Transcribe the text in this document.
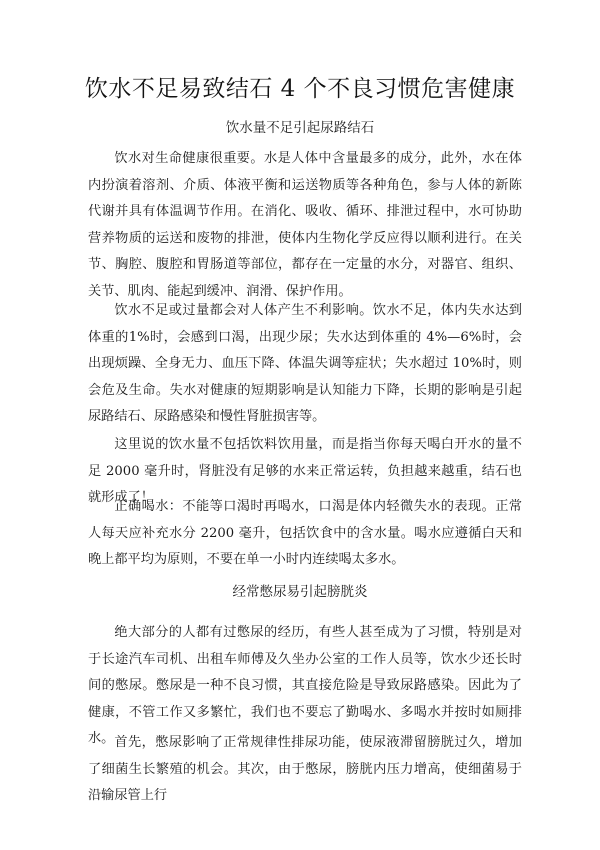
饮水不足易致结石 4 个不良习惯危害健康
饮水量不足引起尿路结石

饮水对生命健康很重要。水是人体中含量最多的成分，此外，水在体内扮演着溶剂、介质、体液平衡和运送物质等各种角色，参与人体的新陈代谢并具有体温调节作用。在消化、吸收、循环、排泄过程中，水可协助营养物质的运送和废物的排泄，使体内生物化学反应得以顺利进行。在关节、胸腔、腹腔和胃肠道等部位，都存在一定量的水分，对器官、组织、关节、肌肉、能起到缓冲、润滑、保护作用。

饮水不足或过量都会对人体产生不利影响。饮水不足，体内失水达到体重的1%时，会感到口渴，出现少尿；失水达到体重的 4%—6%时，会出现烦躁、全身无力、血压下降、体温失调等症状；失水超过 10%时，则会危及生命。失水对健康的短期影响是认知能力下降，长期的影响是引起尿路结石、尿路感染和慢性肾脏损害等。

这里说的饮水量不包括饮料饮用量，而是指当你每天喝白开水的量不足 2000 毫升时，肾脏没有足够的水来正常运转，负担越来越重，结石也就形成了！

正确喝水：不能等口渴时再喝水，口渴是体内轻微失水的表现。正常人每天应补充水分 2200 毫升，包括饮食中的含水量。喝水应遵循白天和晚上都平均为原则，不要在单一小时内连续喝太多水。

经常憋尿易引起膀胱炎

绝大部分的人都有过憋尿的经历，有些人甚至成为了习惯，特别是对于长途汽车司机、出租车师傅及久坐办公室的工作人员等，饮水少还长时间的憋尿。憋尿是一种不良习惯，其直接危险是导致尿路感染。因此为了健康，不管工作又多繁忙，我们也不要忘了勤喝水、多喝水并按时如厕排水。 首先，憋尿影响了正常规律性排尿功能，使尿液滞留膀胱过久，增加了细菌生长繁殖的机会。其次，由于憋尿，膀胱内压力增高，使细菌易于沿输尿管上行
